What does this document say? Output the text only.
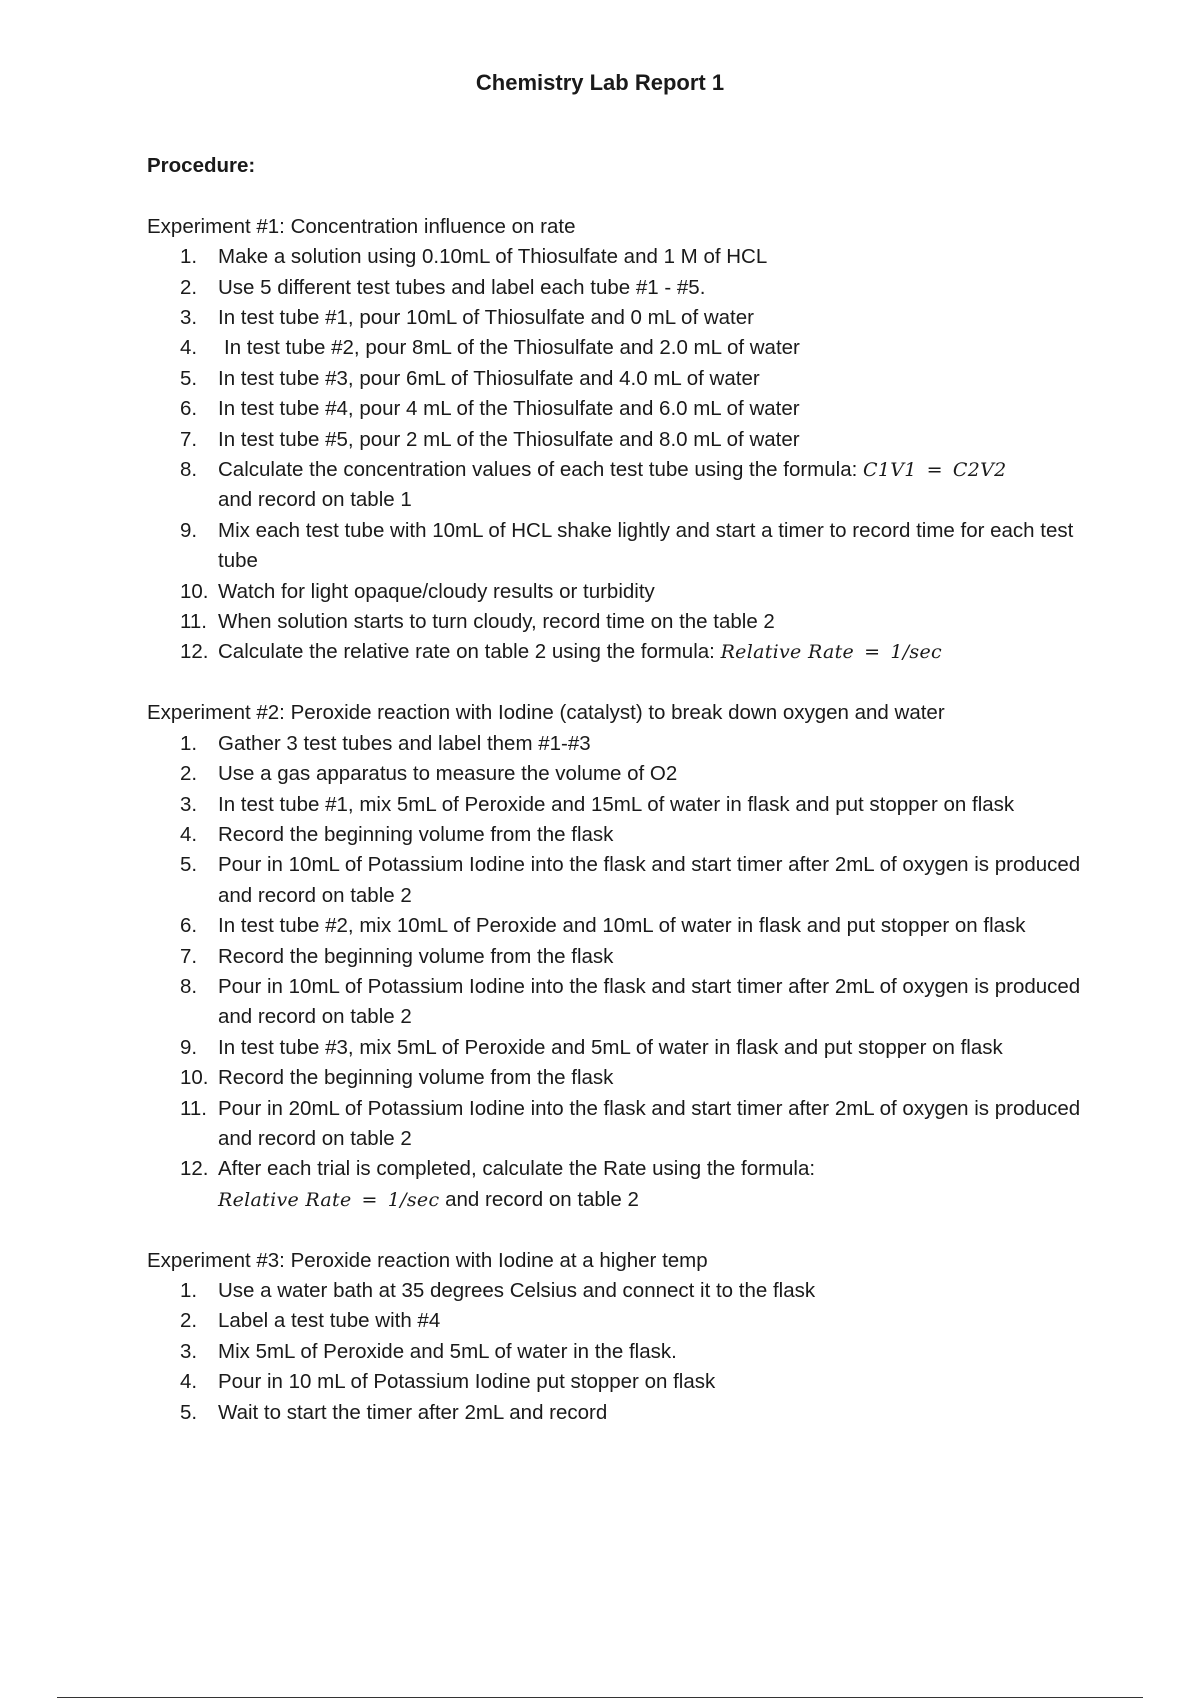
Chemistry Lab Report 1

Procedure:

Experiment #1: Concentration influence on rate

1.	Make a solution using 0.10mL of Thiosulfate and 1 M of HCL
2.	Use 5 different test tubes and label each tube #1 - #5.
3.	In test tube #1, pour 10mL of Thiosulfate and 0 mL of water
4.	In test tube #2, pour 8mL of the Thiosulfate and 2.0 mL of water
5.	In test tube #3, pour 6mL of Thiosulfate and 4.0 mL of water
6.	In test tube #4, pour 4 mL of the Thiosulfate and 6.0 mL of water
7.	In test tube #5, pour 2 mL of the Thiosulfate and 8.0 mL of water
8.	Calculate the concentration values of each test tube using the formula: C1V1 = C2V2
and record on table 1
9.	Mix each test tube with 10mL of HCL shake lightly and start a timer to record time for each test tube
10. Watch for light opaque/cloudy results or turbidity
11. When solution starts to turn cloudy, record time on the table 2
12. Calculate the relative rate on table 2 using the formula: Relative Rate = 1/sec

Experiment #2: Peroxide reaction with Iodine (catalyst) to break down oxygen and water

1.	Gather 3 test tubes and label them #1-#3
2.	Use a gas apparatus to measure the volume of O2
3.	In test tube #1, mix 5mL of Peroxide and 15mL of water in flask and put stopper on flask
4.	Record the beginning volume from the flask
5.	Pour in 10mL of Potassium Iodine into the flask and start timer after 2mL of oxygen is produced and record on table 2
6.	In test tube #2, mix 10mL of Peroxide and 10mL of water in flask and put stopper on flask
7.	Record the beginning volume from the flask
8.	Pour in 10mL of Potassium Iodine into the flask and start timer after 2mL of oxygen is produced and record on table 2
9.	In test tube #3, mix 5mL of Peroxide and 5mL of water in flask and put stopper on flask
10. Record the beginning volume from the flask
11. Pour in 20mL of Potassium Iodine into the flask and start timer after 2mL of oxygen is produced and record on table 2
12. After each trial is completed, calculate the Rate using the formula:
Relative Rate = 1/sec and record on table 2

Experiment #3: Peroxide reaction with Iodine at a higher temp

1.	Use a water bath at 35 degrees Celsius and connect it to the flask
2.	Label a test tube with #4
3.	Mix 5mL of Peroxide and 5mL of water in the flask.
4.	Pour in 10 mL of Potassium Iodine put stopper on flask
5.	Wait to start the timer after 2mL and record
